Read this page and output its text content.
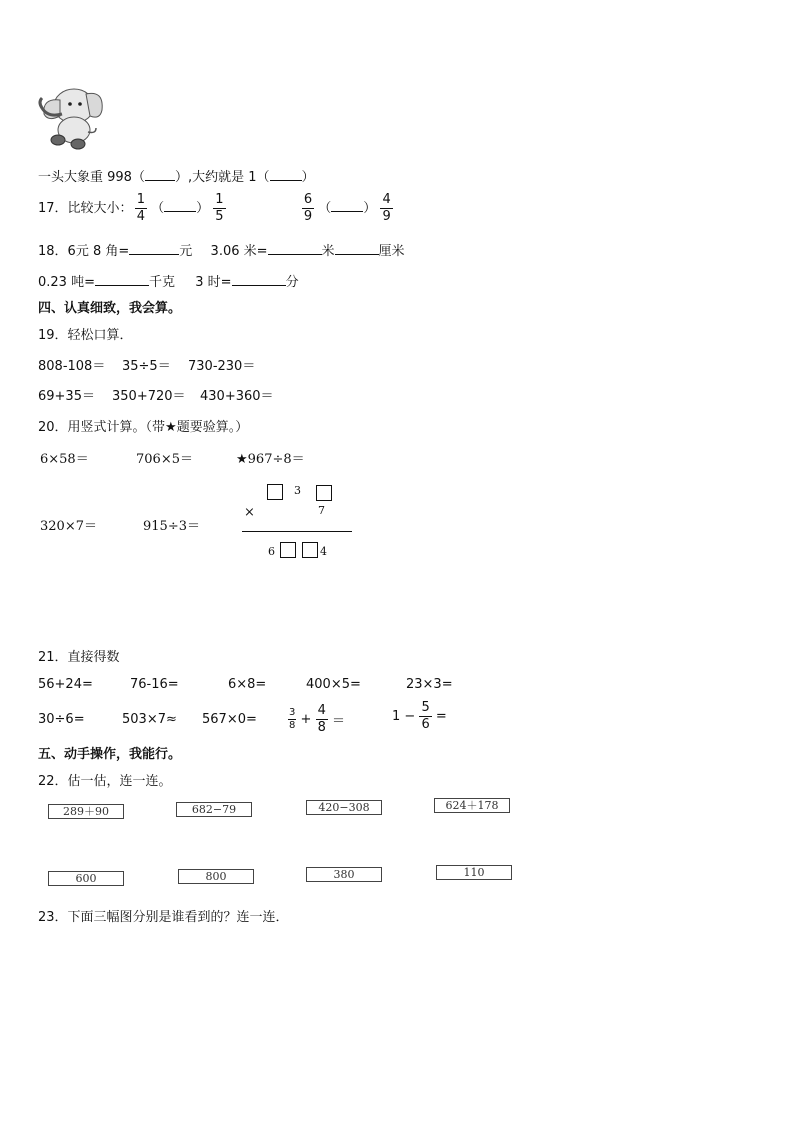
一头大象重 998（ ）,大约就是 1（ ）
17．比较大小： $\frac{1}{4}$ （ ） $\frac{1}{5}$
	$\frac{6}{9}$ （ ） $\frac{4}{9}$
18．6元 8 角=	元 3.06 米=	米	厘米
0.23 吨=	千克 3 时=	分
四、认真细致，我会算。
19．轻松口算．
808-108＝ 35÷5＝ 730-230＝
69+35＝ 350+720＝ 430+360＝
20．用竖式计算。（带★题要验算。）
6×58＝	706×5＝	★967÷8＝
320×7＝	915÷3＝
3
×	7
6	4
21．直接得数
56+24=	76-16=	6×8=	400×5=	23×3=
30÷6=	503×7≈ 567×0=	$\frac{3}{8} + \frac{4}{8}$ ＝	$1 - \frac{5}{6}$ =
五、动手操作，我能行。
22．估一估，连一连。
289＋90	682−79	420−308	624＋178
600	800	380	110
23．下面三幅图分别是谁看到的？连一连．
